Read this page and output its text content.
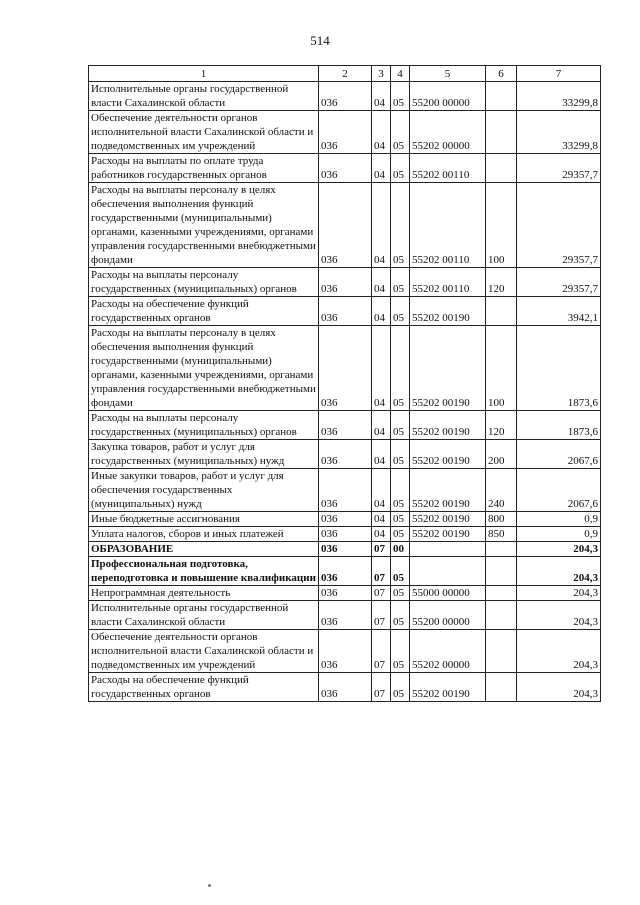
514
1	2	3	4	5	6	7
Исполнительные органы государственной власти Сахалинской области	036	04	05	55200 00000		33299,8
Обеспечение деятельности органов исполнительной власти Сахалинской области и подведомственных им учреждений	036	04	05	55202 00000		33299,8
Расходы на выплаты по оплате труда работников государственных органов	036	04	05	55202 00110		29357,7
Расходы на выплаты персоналу в целях обеспечения выполнения функций государственными (муниципальными) органами, казенными учреждениями, органами управления государственными внебюджетными фондами	036	04	05	55202 00110	100	29357,7
Расходы на выплаты персоналу государственных (муниципальных) органов	036	04	05	55202 00110	120	29357,7
Расходы на обеспечение функций государственных органов	036	04	05	55202 00190		3942,1
Расходы на выплаты персоналу в целях обеспечения выполнения функций государственными (муниципальными) органами, казенными учреждениями, органами управления государственными внебюджетными фондами	036	04	05	55202 00190	100	1873,6
Расходы на выплаты персоналу государственных (муниципальных) органов	036	04	05	55202 00190	120	1873,6
Закупка товаров, работ и услуг для государственных (муниципальных) нужд	036	04	05	55202 00190	200	2067,6
Иные закупки товаров, работ и услуг для обеспечения государственных (муниципальных) нужд	036	04	05	55202 00190	240	2067,6
Иные бюджетные ассигнования	036	04	05	55202 00190	800	0,9
Уплата налогов, сборов и иных платежей	036	04	05	55202 00190	850	0,9
ОБРАЗОВАНИЕ	036	07	00			204,3
Профессиональная подготовка, переподготовка и повышение квалификации	036	07	05			204,3
Непрограммная деятельность	036	07	05	55000 00000		204,3
Исполнительные органы государственной власти Сахалинской области	036	07	05	55200 00000		204,3
Обеспечение деятельности органов исполнительной власти Сахалинской области и подведомственных им учреждений	036	07	05	55202 00000		204,3
Расходы на обеспечение функций государственных органов	036	07	05	55202 00190		204,3
